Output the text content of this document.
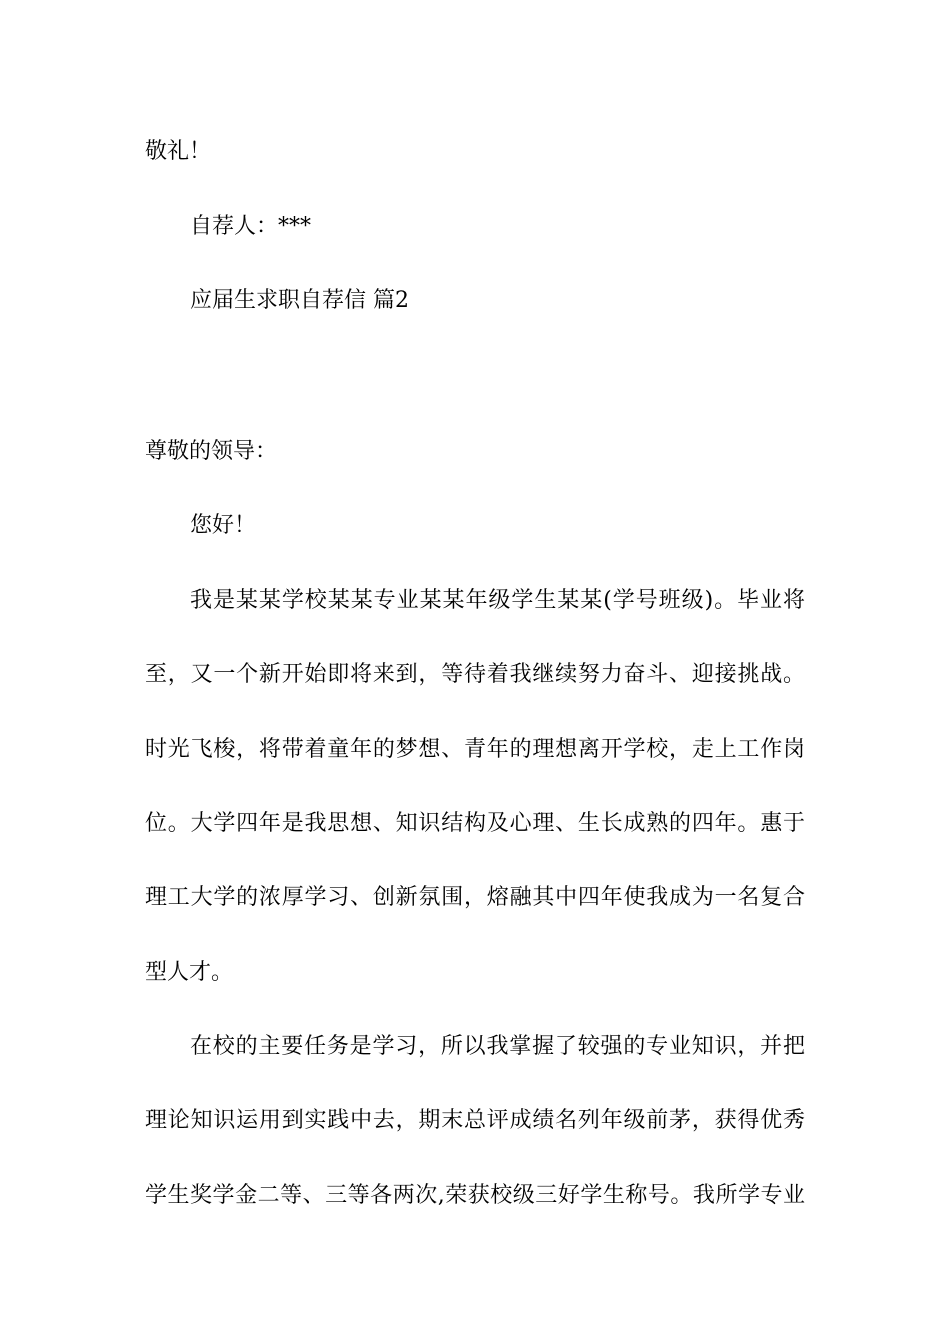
敬礼！
自荐人：***
应届生求职自荐信 篇2
尊敬的领导：
您好！
我是某某学校某某专业某某年级学生某某(学号班级)。毕业将
至，又一个新开始即将来到，等待着我继续努力奋斗、迎接挑战。
时光飞梭，将带着童年的梦想、青年的理想离开学校，走上工作岗
位。大学四年是我思想、知识结构及心理、生长成熟的四年。惠于
理工大学的浓厚学习、创新氛围，熔融其中四年使我成为一名复合
型人才。
在校的主要任务是学习，所以我掌握了较强的专业知识，并把
理论知识运用到实践中去，期末总评成绩名列年级前茅，获得优秀
学生奖学金二等、三等各两次,荣获校级三好学生称号。我所学专业
